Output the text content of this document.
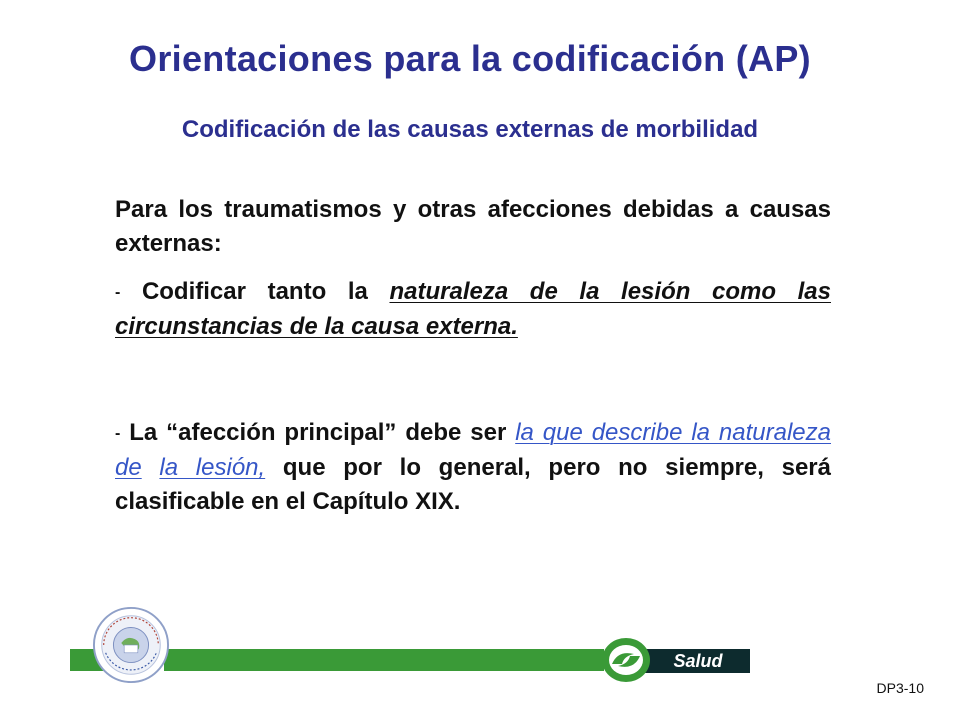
Orientaciones para la codificación (AP)
Codificación de las causas externas de morbilidad

Para los traumatismos y otras afecciones debidas a causas externas:

- Codificar tanto la naturaleza de la lesión como las circunstancias de la causa externa.

- La “afección principal” debe ser la que describe la naturaleza de la lesión, que por lo general, pero no siempre, será clasificable en el Capítulo XIX.

Salud
DP3-10
